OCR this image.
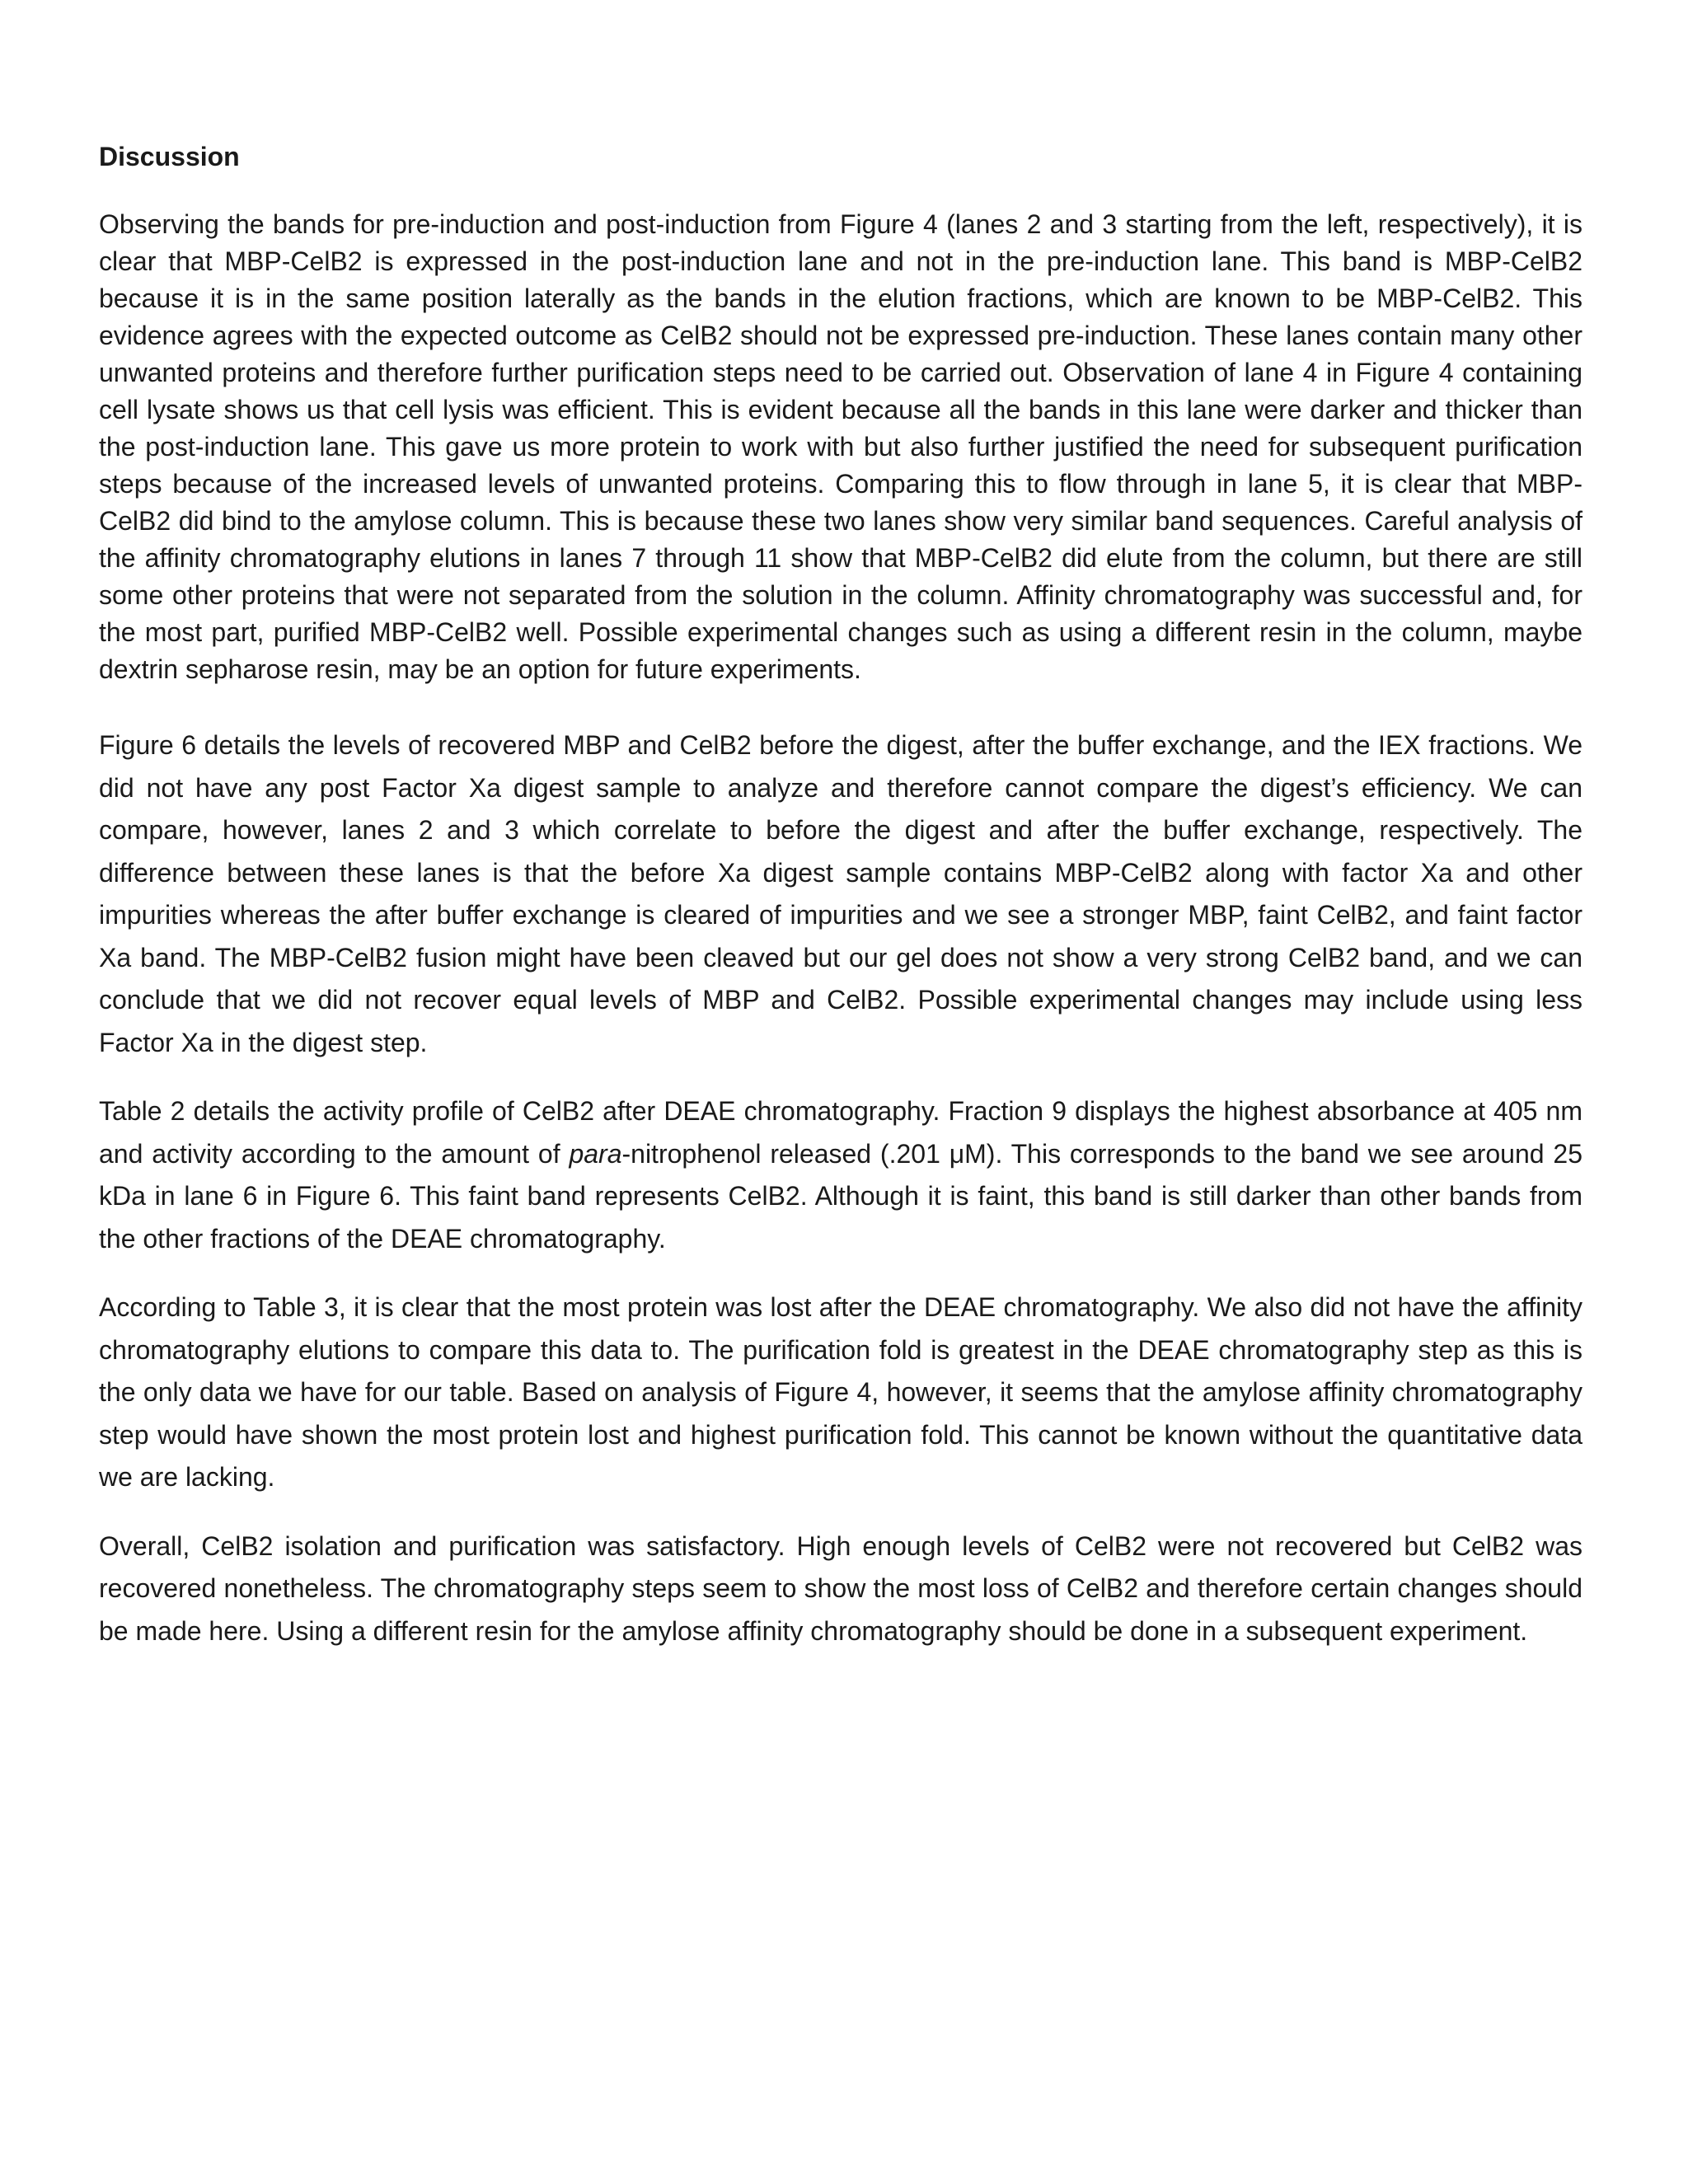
Discussion

Observing the bands for pre-induction and post-induction from Figure 4 (lanes 2 and 3 starting from the left, respectively), it is clear that MBP-CelB2 is expressed in the post-induction lane and not in the pre-induction lane. This band is MBP-CelB2 because it is in the same position laterally as the bands in the elution fractions, which are known to be MBP-CelB2. This evidence agrees with the expected outcome as CelB2 should not be expressed pre-induction. These lanes contain many other unwanted proteins and therefore further purification steps need to be carried out. Observation of lane 4 in Figure 4 containing cell lysate shows us that cell lysis was efficient. This is evident because all the bands in this lane were darker and thicker than the post-induction lane. This gave us more protein to work with but also further justified the need for subsequent purification steps because of the increased levels of unwanted proteins. Comparing this to flow through in lane 5, it is clear that MBP-CelB2 did bind to the amylose column. This is because these two lanes show very similar band sequences. Careful analysis of the affinity chromatography elutions in lanes 7 through 11 show that MBP-CelB2 did elute from the column, but there are still some other proteins that were not separated from the solution in the column. Affinity chromatography was successful and, for the most part, purified MBP-CelB2 well. Possible experimental changes such as using a different resin in the column, maybe dextrin sepharose resin, may be an option for future experiments.

Figure 6 details the levels of recovered MBP and CelB2 before the digest, after the buffer exchange, and the IEX fractions. We did not have any post Factor Xa digest sample to analyze and therefore cannot compare the digest’s efficiency. We can compare, however, lanes 2 and 3 which correlate to before the digest and after the buffer exchange, respectively. The difference between these lanes is that the before Xa digest sample contains MBP-CelB2 along with factor Xa and other impurities whereas the after buffer exchange is cleared of impurities and we see a stronger MBP, faint CelB2, and faint factor Xa band. The MBP-CelB2 fusion might have been cleaved but our gel does not show a very strong CelB2 band, and we can conclude that we did not recover equal levels of MBP and CelB2. Possible experimental changes may include using less Factor Xa in the digest step.

Table 2 details the activity profile of CelB2 after DEAE chromatography. Fraction 9 displays the highest absorbance at 405 nm and activity according to the amount of para-nitrophenol released (.201 μM). This corresponds to the band we see around 25 kDa in lane 6 in Figure 6. This faint band represents CelB2. Although it is faint, this band is still darker than other bands from the other fractions of the DEAE chromatography.

According to Table 3, it is clear that the most protein was lost after the DEAE chromatography. We also did not have the affinity chromatography elutions to compare this data to. The purification fold is greatest in the DEAE chromatography step as this is the only data we have for our table. Based on analysis of Figure 4, however, it seems that the amylose affinity chromatography step would have shown the most protein lost and highest purification fold. This cannot be known without the quantitative data we are lacking.

Overall, CelB2 isolation and purification was satisfactory. High enough levels of CelB2 were not recovered but CelB2 was recovered nonetheless. The chromatography steps seem to show the most loss of CelB2 and therefore certain changes should be made here. Using a different resin for the amylose affinity chromatography should be done in a subsequent experiment.
